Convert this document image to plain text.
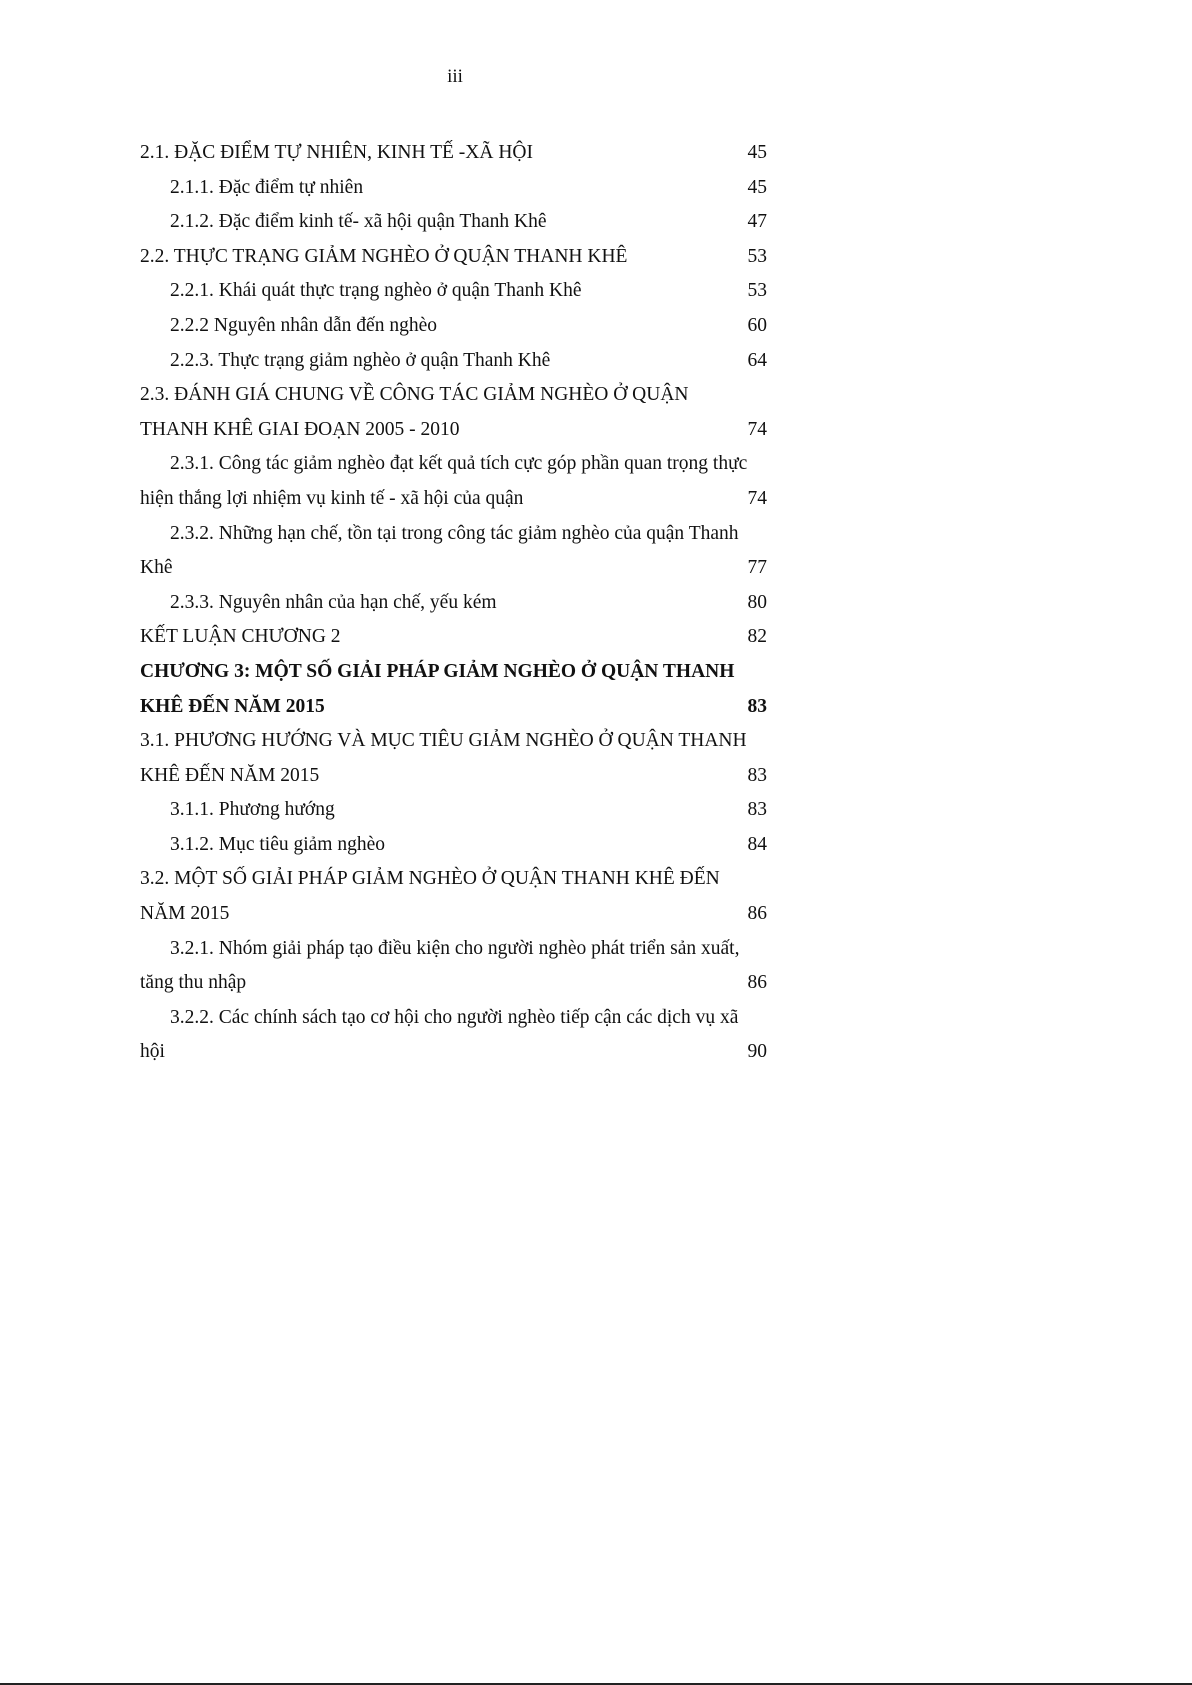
iii
2.1. ĐẶC ĐIỂM TỰ NHIÊN, KINH TẾ -XÃ HỘI	45
2.1.1. Đặc điểm tự nhiên	45
2.1.2. Đặc điểm kinh tế- xã hội quận Thanh Khê	47
2.2. THỰC TRẠNG GIẢM NGHÈO Ở QUẬN THANH KHÊ	53
2.2.1. Khái quát thực trạng nghèo ở quận Thanh Khê	53
2.2.2 Nguyên nhân dẫn đến nghèo	60
2.2.3. Thực trạng giảm nghèo ở quận Thanh Khê	64
2.3. ĐÁNH GIÁ CHUNG VỀ CÔNG TÁC GIẢM NGHÈO Ở QUẬN
THANH KHÊ GIAI ĐOẠN 2005 - 2010	74
2.3.1. Công tác giảm nghèo đạt kết quả tích cực góp phần quan trọng thực
hiện thắng lợi nhiệm vụ kinh tế - xã hội của quận	74
2.3.2. Những hạn chế, tồn tại trong công tác giảm nghèo của quận Thanh
Khê	77
2.3.3. Nguyên nhân của hạn chế, yếu kém	80
KẾT LUẬN CHƯƠNG 2	82
CHƯƠNG 3: MỘT SỐ GIẢI PHÁP GIẢM NGHÈO Ở QUẬN THANH
KHÊ ĐẾN NĂM 2015	83
3.1. PHƯƠNG HƯỚNG VÀ MỤC TIÊU GIẢM NGHÈO Ở QUẬN THANH
KHÊ ĐẾN NĂM 2015	83
3.1.1. Phương hướng	83
3.1.2. Mục tiêu giảm nghèo	84
3.2. MỘT SỐ GIẢI PHÁP GIẢM NGHÈO Ở QUẬN THANH KHÊ ĐẾN
NĂM 2015	86
3.2.1. Nhóm giải pháp tạo điều kiện cho người nghèo phát triển sản xuất,
tăng thu nhập	86
3.2.2. Các chính sách tạo cơ hội cho người nghèo tiếp cận các dịch vụ xã
hội	90
